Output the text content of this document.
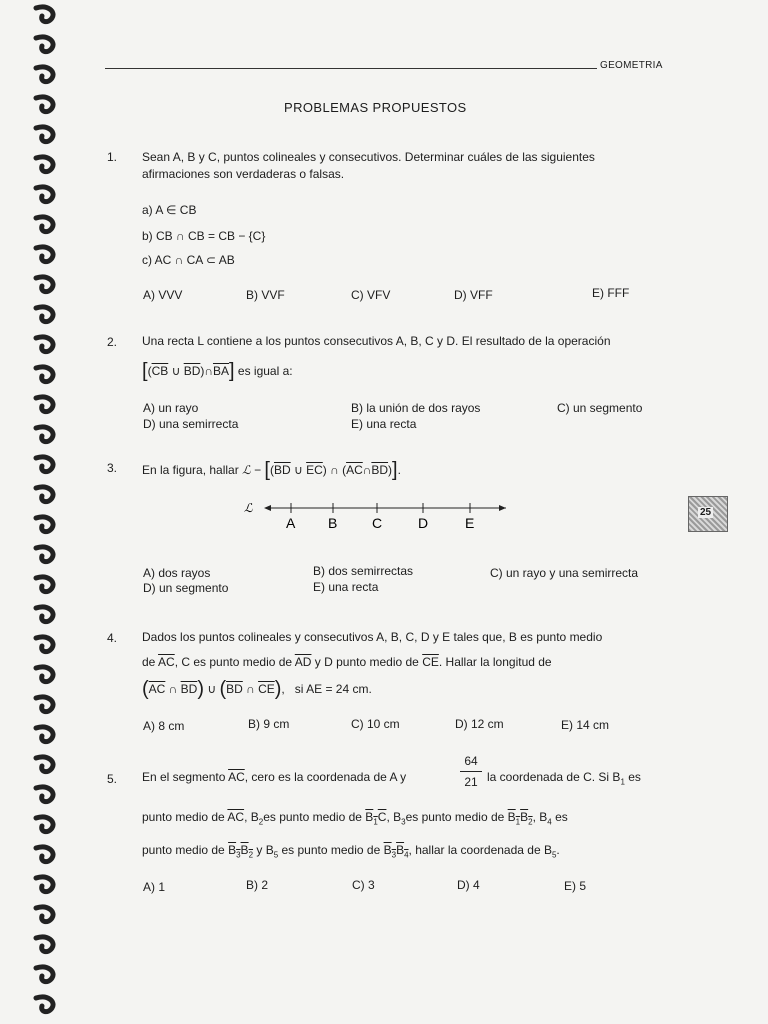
GEOMETRIA
PROBLEMAS PROPUESTOS
1. Sean A, B y C, puntos colineales y consecutivos. Determinar cuáles de las siguientes
afirmaciones son verdaderas o falsas.
a) A ∈ CB
b) CB ∩ CB = CB − {C}
c) AC ∩ CA ⊂ AB
A) VVV	B) VVF	C) VFV	D) VFF	E) FFF
2. Una recta L contiene a los puntos consecutivos A, B, C y D. El resultado de la operación
[($\overline{CB}$ ∪ $\overline{BD})\cap\overline{BA}$] es igual a:
A) un rayo	B) la unión de dos rayos	C) un segmento
D) una semirrecta	E) una recta
3. En la figura, hallar ℒ − [($\overline{BD}$ ∪ $\overline{EC}$) ∩ $(\overline{AC}\cap\overline{BD})$].
ℒ
A B C	D	E
A) dos rayos	B) dos semirrectas	C) un rayo y una semirrecta
D) un segmento	E) una recta
25
4. Dados los puntos colineales y consecutivos A, B, C, D y E tales que, B es punto medio
de $\overline{AC}$, C es punto medio de $\overline{AD}$ y D punto medio de $\overline{CE}$. Hallar la longitud de
($\overline{AC}$ ∩ $\overline{BD}$) ∪ ($\overline{BD}$ ∩ $\overline{CE}$),   si AE = 24 cm.
A) 8 cm	B) 9 cm	C) 10 cm	D) 12 cm	E) 14 cm
5. En el segmento $\overline{AC}$, cero es la coordenada de A y
64
21 la coordenada de C. Si $B_1$ es
punto medio de $\overline{AC}$, $B_2es$ punto medio de $B_1C$, $B_3es$ punto medio de $B_1B_2$, $B_4$ es
punto medio de $B_3B_2$ y $B_5$ es punto medio de $B_3B_4$, hallar la coordenada de $B_5$.
A) 1	B) 2	C) 3	D) 4	E) 5
